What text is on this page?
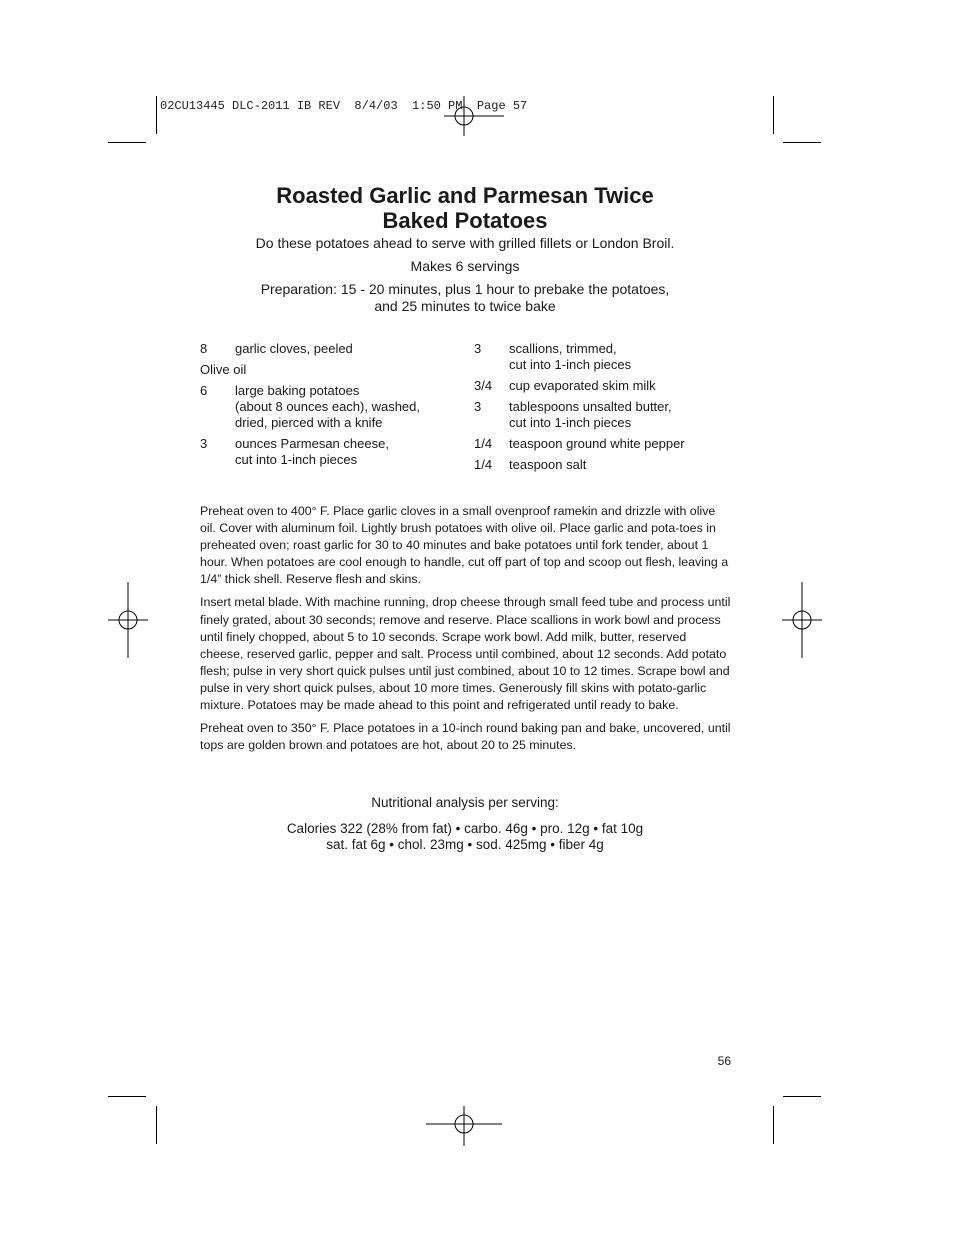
02CU13445 DLC-2011 IB REV  8/4/03  1:50 PM  Page 57
Roasted Garlic and Parmesan Twice
Baked Potatoes
Do these potatoes ahead to serve with grilled fillets or London Broil.
Makes 6 servings
Preparation: 15 - 20 minutes, plus 1 hour to prebake the potatoes,
and 25 minutes to twice bake
8	garlic cloves, peeled
Olive oil
6	large baking potatoes
(about 8 ounces each), washed,
dried, pierced with a knife
3	ounces Parmesan cheese,
cut into 1-inch pieces
3	scallions, trimmed,
cut into 1-inch pieces
3/4	cup evaporated skim milk
3	tablespoons unsalted butter,
cut into 1-inch pieces
1/4	teaspoon ground white pepper
1/4	teaspoon salt

Preheat oven to 400° F. Place garlic cloves in a small ovenproof ramekin and drizzle with olive oil. Cover with aluminum foil. Lightly brush potatoes with olive oil. Place garlic and pota-toes in preheated oven; roast garlic for 30 to 40 minutes and bake potatoes until fork tender, about 1 hour. When potatoes are cool enough to handle, cut off part of top and scoop out flesh, leaving a 1/4” thick shell. Reserve flesh and skins.

Insert metal blade. With machine running, drop cheese through small feed tube and process until finely grated, about 30 seconds; remove and reserve. Place scallions in work bowl and process until finely chopped, about 5 to 10 seconds. Scrape work bowl. Add milk, butter, reserved cheese, reserved garlic, pepper and salt. Process until combined, about 12 seconds. Add potato flesh; pulse in very short quick pulses until just combined, about 10 to 12 times. Scrape bowl and pulse in very short quick pulses, about 10 more times. Generously fill skins with potato-garlic mixture. Potatoes may be made ahead to this point and refrigerated until ready to bake.

Preheat oven to 350° F. Place potatoes in a 10-inch round baking pan and bake, uncovered, until tops are golden brown and potatoes are hot, about 20 to 25 minutes.

Nutritional analysis per serving:
Calories 322 (28% from fat) • carbo. 46g • pro. 12g • fat 10g
sat. fat 6g • chol. 23mg • sod. 425mg • fiber 4g
56
